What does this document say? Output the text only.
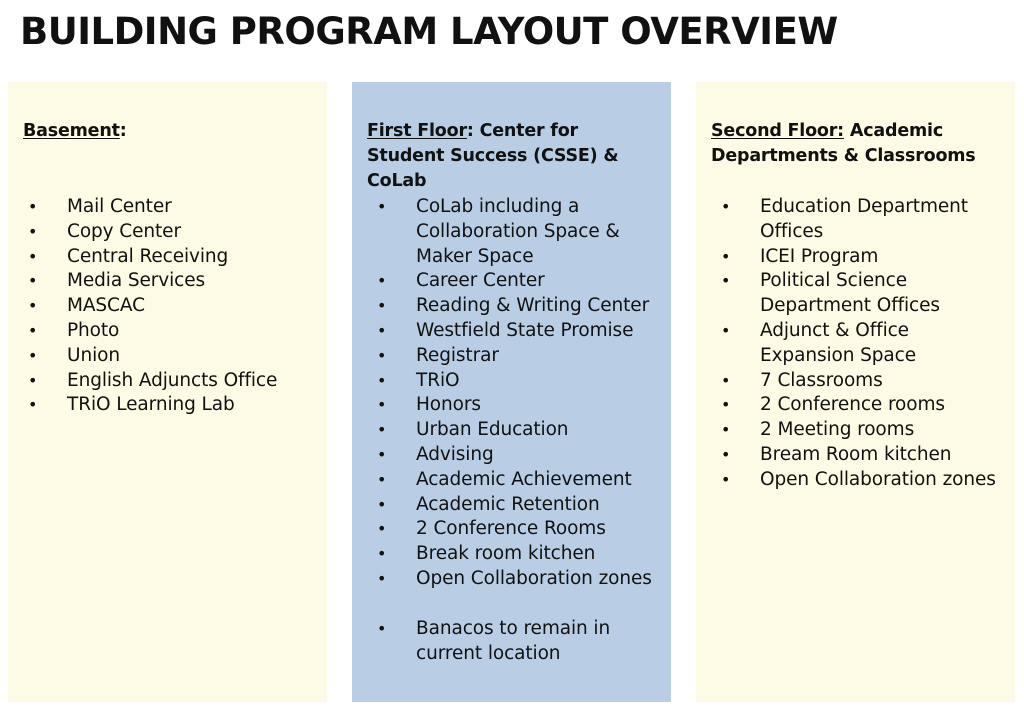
BUILDING PROGRAM LAYOUT OVERVIEW

Basement:

• Mail Center
• Copy Center
• Central Receiving
• Media Services
• MASCAC
• Photo
• Union
• English Adjuncts Office
• TRiO Learning Lab

First Floor: Center for Student Success (CSSE) & CoLab

• CoLab including a Collaboration Space & Maker Space
• Career Center
• Reading & Writing Center
• Westfield State Promise
• Registrar
• TRiO
• Honors
• Urban Education
• Advising
• Academic Achievement
• Academic Retention
• 2 Conference Rooms
• Break room kitchen
• Open Collaboration zones
• Banacos to remain in current location

Second Floor: Academic Departments & Classrooms

• Education Department Offices
• ICEI Program
• Political Science Department Offices
• Adjunct & Office Expansion Space
• 7 Classrooms
• 2 Conference rooms
• 2 Meeting rooms
• Bream Room kitchen
• Open Collaboration zones
